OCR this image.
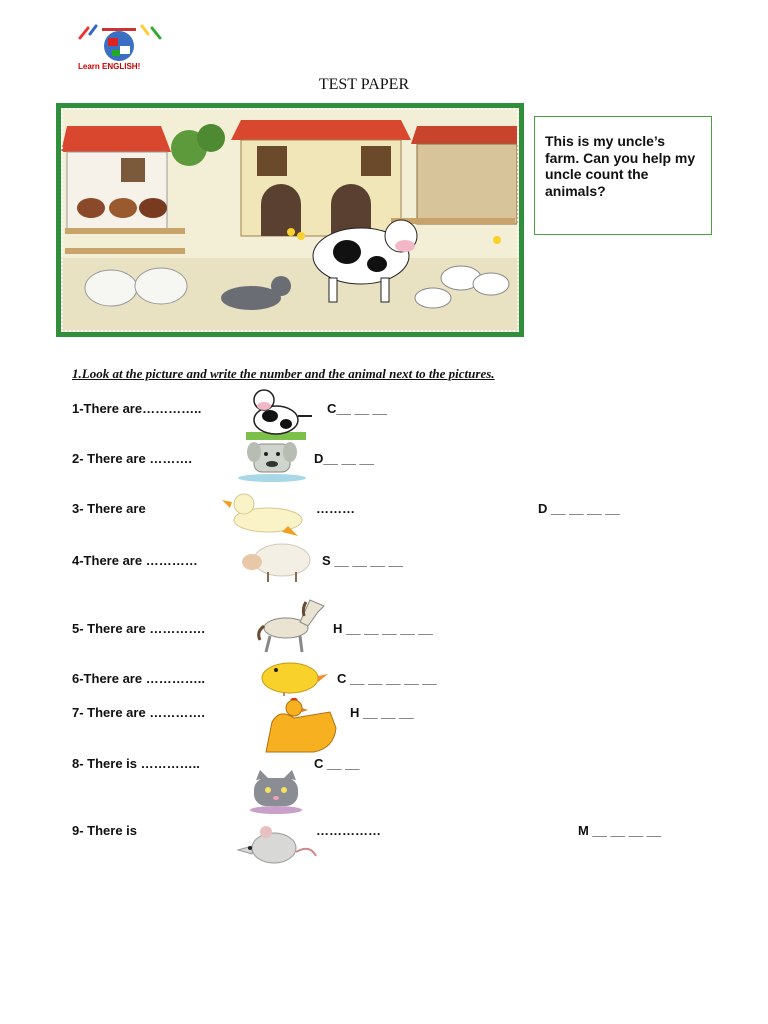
Learn ENGLISH!
TEST PAPER
This is my uncle’s farm. Can you help my uncle count the animals?
1.Look at the picture and write the number and the animal next to the pictures.
1-There are…………..	C__ __ __
2- There are ……….	D__ __ __
3- There are	………	D __ __ __ __
4-There are …………	S __ __ __ __
5- There are ………….	H __ __ __ __ __
6-There are …………..	C __ __ __ __ __
7- There are ………….	H __ __ __
8- There is …………..	C __ __
9- There is	……………	M __ __ __ __
